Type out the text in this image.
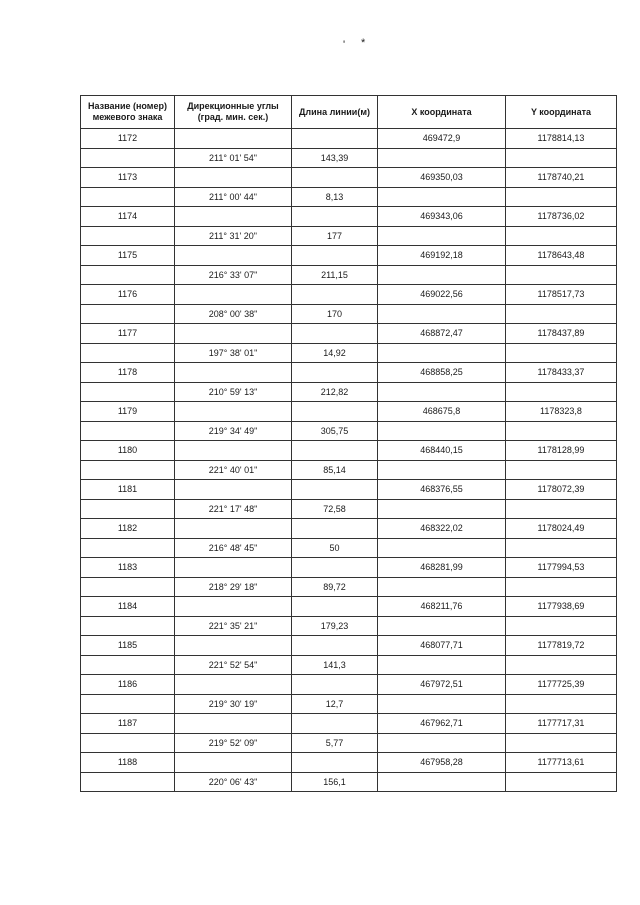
' *
Название (номер) межевого знака	Дирекционные углы (град. мин. сек.)	Длина линии(м)	X координата	Y координата
1172			469472,9	1178814,13
	211° 01' 54"	143,39		
1173			469350,03	1178740,21
	211° 00' 44"	8,13		
1174			469343,06	1178736,02
	211° 31' 20"	177		
1175			469192,18	1178643,48
	216° 33' 07"	211,15		
1176			469022,56	1178517,73
	208° 00' 38"	170		
1177			468872,47	1178437,89
	197° 38' 01"	14,92		
1178			468858,25	1178433,37
	210° 59' 13"	212,82		
1179			468675,8	1178323,8
	219° 34' 49"	305,75		
1180			468440,15	1178128,99
	221° 40' 01"	85,14		
1181			468376,55	1178072,39
	221° 17' 48"	72,58		
1182			468322,02	1178024,49
	216° 48' 45"	50		
1183			468281,99	1177994,53
	218° 29' 18"	89,72		
1184			468211,76	1177938,69
	221° 35' 21"	179,23		
1185			468077,71	1177819,72
	221° 52' 54"	141,3		
1186			467972,51	1177725,39
	219° 30' 19"	12,7		
1187			467962,71	1177717,31
	219° 52' 09"	5,77		
1188			467958,28	1177713,61
	220° 06' 43"	156,1		
